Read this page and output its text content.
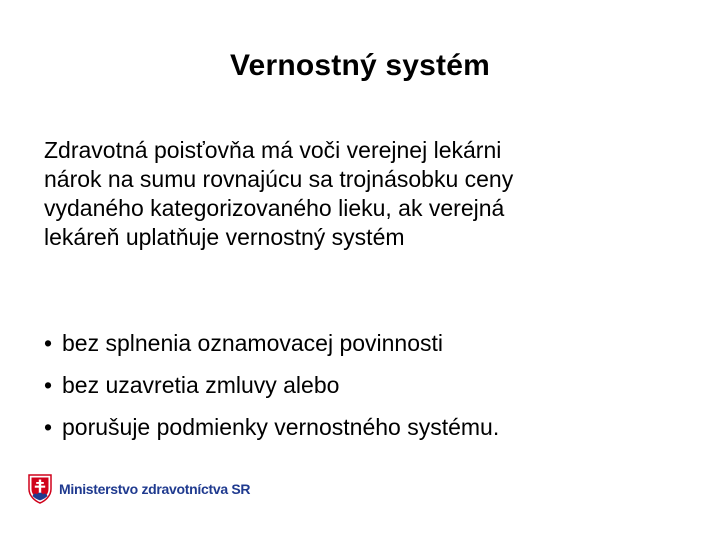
Vernostný systém

Zdravotná poisťovňa má voči verejnej lekárni
nárok na sumu rovnajúcu sa trojnásobku ceny
vydaného kategorizovaného lieku, ak verejná
lekáreň uplatňuje vernostný systém

• bez splnenia oznamovacej povinnosti
• bez uzavretia zmluvy alebo
• porušuje podmienky vernostného systému.
Ministerstvo zdravotníctva SR
